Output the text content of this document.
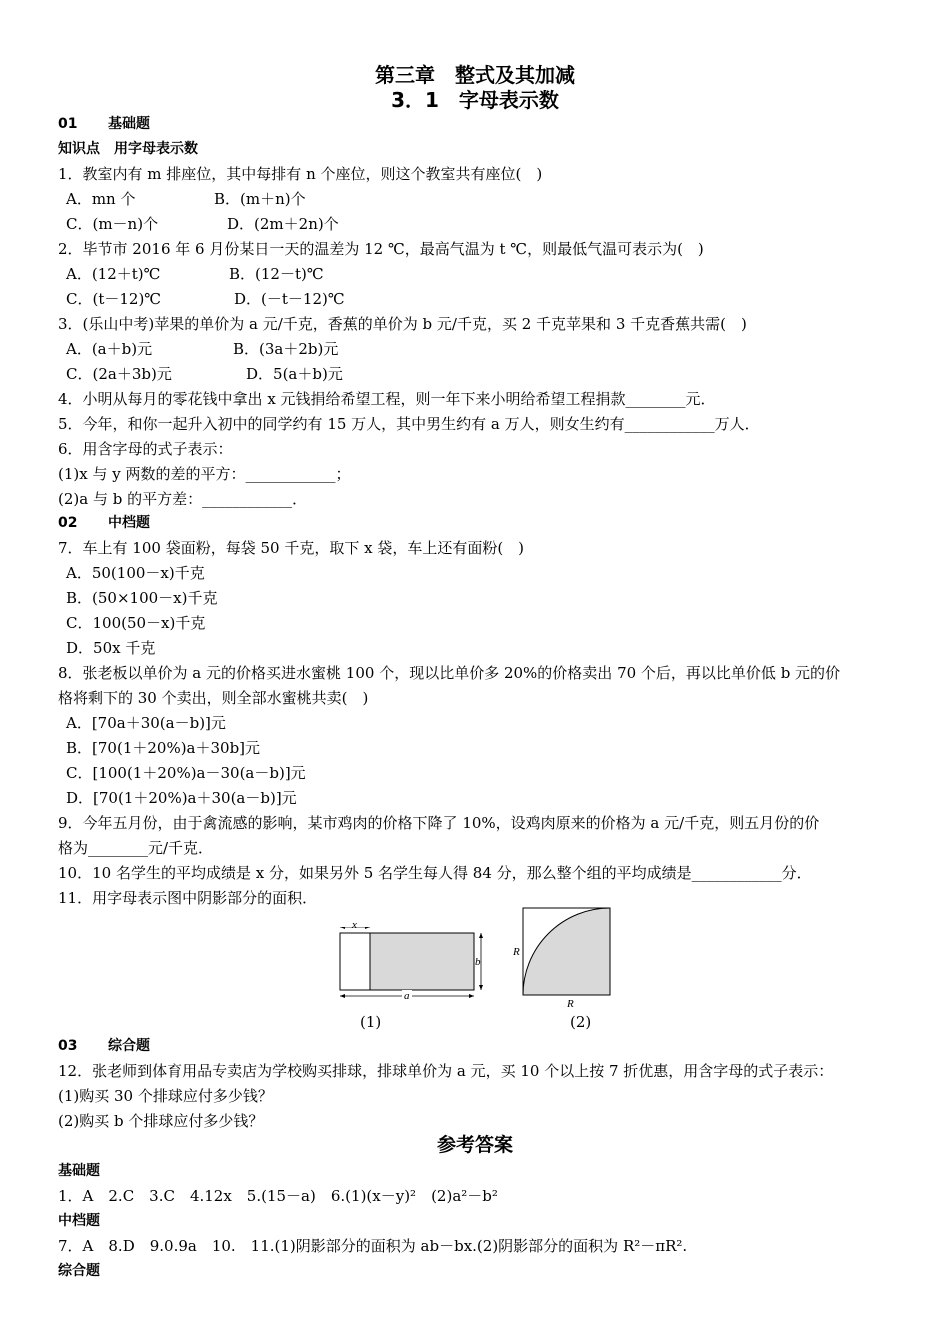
第三章　整式及其加减
3．1　字母表示数
01 基础题
知识点　用字母表示数
1．教室内有 m 排座位，其中每排有 n 个座位，则这个教室共有座位(　)
A．mn 个	B．(m＋n)个
C．(m－n)个	D．(2m＋2n)个
2．毕节市 2016 年 6 月份某日一天的温差为 12 ℃，最高气温为 t ℃，则最低气温可表示为(　)
A．(12＋t)℃	B．(12－t)℃
C．(t－12)℃	D．(－t－12)℃
3．(乐山中考)苹果的单价为 a 元/千克，香蕉的单价为 b 元/千克，买 2 千克苹果和 3 千克香蕉共需(　)
A．(a＋b)元	B．(3a＋2b)元
C．(2a＋3b)元	D．5(a＋b)元
4．小明从每月的零花钱中拿出 x 元钱捐给希望工程，则一年下来小明给希望工程捐款________元．
5．今年，和你一起升入初中的同学约有 15 万人，其中男生约有 a 万人，则女生约有____________万人．
6．用含字母的式子表示：
(1)x 与 y 两数的差的平方：____________；
(2)a 与 b 的平方差：____________．
02 中档题
7．车上有 100 袋面粉，每袋 50 千克，取下 x 袋，车上还有面粉(　)
A．50(100－x)千克
B．(50×100－x)千克
C．100(50－x)千克
D．50x 千克
8．张老板以单价为 a 元的价格买进水蜜桃 100 个，现以比单价多 20%的价格卖出 70 个后，再以比单价低 b 元的价
格将剩下的 30 个卖出，则全部水蜜桃共卖(　)
A．[70a＋30(a－b)]元
B．[70(1＋20%)a＋30b]元
C．[100(1＋20%)a－30(a－b)]元
D．[70(1＋20%)a＋30(a－b)]元
9．今年五月份，由于禽流感的影响，某市鸡肉的价格下降了 10%，设鸡肉原来的价格为 a 元/千克，则五月份的价
格为________元/千克．
10．10 名学生的平均成绩是 x 分，如果另外 5 名学生每人得 84 分，那么整个组的平均成绩是____________分．
11．用字母表示图中阴影部分的面积．
x
b
a
R
R
(1)	(2)
03 综合题
12．张老师到体育用品专卖店为学校购买排球，排球单价为 a 元，买 10 个以上按 7 折优惠，用含字母的式子表示：
(1)购买 30 个排球应付多少钱？
(2)购买 b 个排球应付多少钱？
参考答案
基础题
1．A　2.C　3.C　4.12x　5.(15－a)　6.(1)(x－y)²　(2)a²－b²
中档题
7．A　8.D　9.0.9a　10.　11.(1)阴影部分的面积为 ab－bx.(2)阴影部分的面积为 R²－πR².
综合题
